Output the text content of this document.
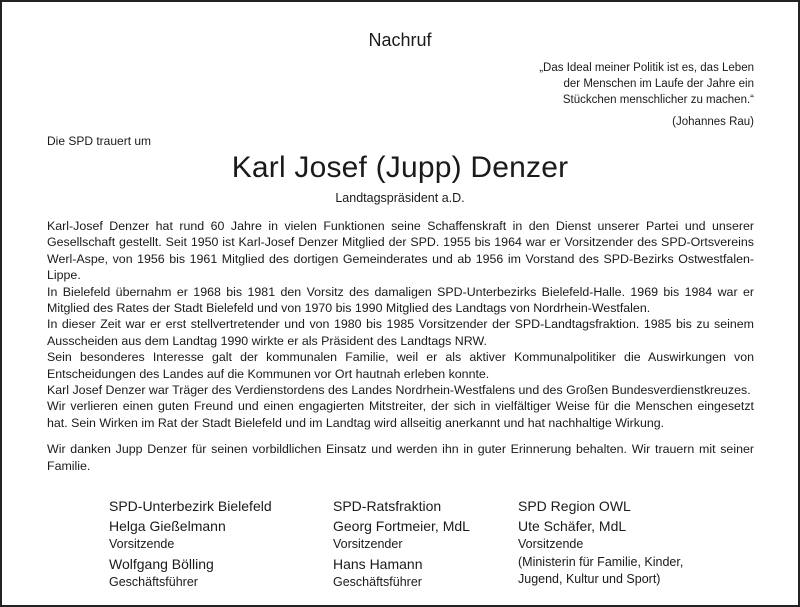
Nachruf
„Das Ideal meiner Politik ist es, das Leben
der Menschen im Laufe der Jahre ein
Stückchen menschlicher zu machen.“
(Johannes Rau)
Die SPD trauert um
Karl Josef (Jupp) Denzer
Landtagspräsident a.D.

Karl-Josef Denzer hat rund 60 Jahre in vielen Funktionen seine Schaffenskraft in den Dienst unserer Partei und unserer Gesellschaft gestellt. Seit 1950 ist Karl-Josef Denzer Mitglied der SPD. 1955 bis 1964 war er Vorsitzender des SPD-Ortsvereins Werl-Aspe, von 1956 bis 1961 Mitglied des dortigen Gemeinderates und ab 1956 im Vorstand des SPD-Bezirks Ostwestfalen-Lippe.

In Bielefeld übernahm er 1968 bis 1981 den Vorsitz des damaligen SPD-Unterbezirks Bielefeld-Halle. 1969 bis 1984 war er Mitglied des Rates der Stadt Bielefeld und von 1970 bis 1990 Mitglied des Landtags von Nordrhein-Westfalen.

In dieser Zeit war er erst stellvertretender und von 1980 bis 1985 Vorsitzender der SPD-Landtagsfraktion. 1985 bis zu seinem Ausscheiden aus dem Landtag 1990 wirkte er als Präsident des Landtags NRW.

Sein besonderes Interesse galt der kommunalen Familie, weil er als aktiver Kommunalpolitiker die Auswirkungen von Entscheidungen des Landes auf die Kommunen vor Ort hautnah erleben konnte.

Karl Josef Denzer war Träger des Verdienstordens des Landes Nordrhein-Westfalens und des Großen Bundesverdienstkreuzes.

Wir verlieren einen guten Freund und einen engagierten Mitstreiter, der sich in vielfältiger Weise für die Menschen eingesetzt hat. Sein Wirken im Rat der Stadt Bielefeld und im Landtag wird allseitig anerkannt und hat nachhaltige Wirkung.

Wir danken Jupp Denzer für seinen vorbildlichen Einsatz und werden ihn in guter Erinnerung behalten. Wir trauern mit seiner Familie.

SPD-Unterbezirk Bielefeld
Helga Gießelmann
Vorsitzende
Wolfgang Bölling
Geschäftsführer
SPD-Ratsfraktion
Georg Fortmeier, MdL
Vorsitzender
Hans Hamann
Geschäftsführer
SPD Region OWL
Ute Schäfer, MdL
Vorsitzende
(Ministerin für Familie, Kinder,
Jugend, Kultur und Sport)
